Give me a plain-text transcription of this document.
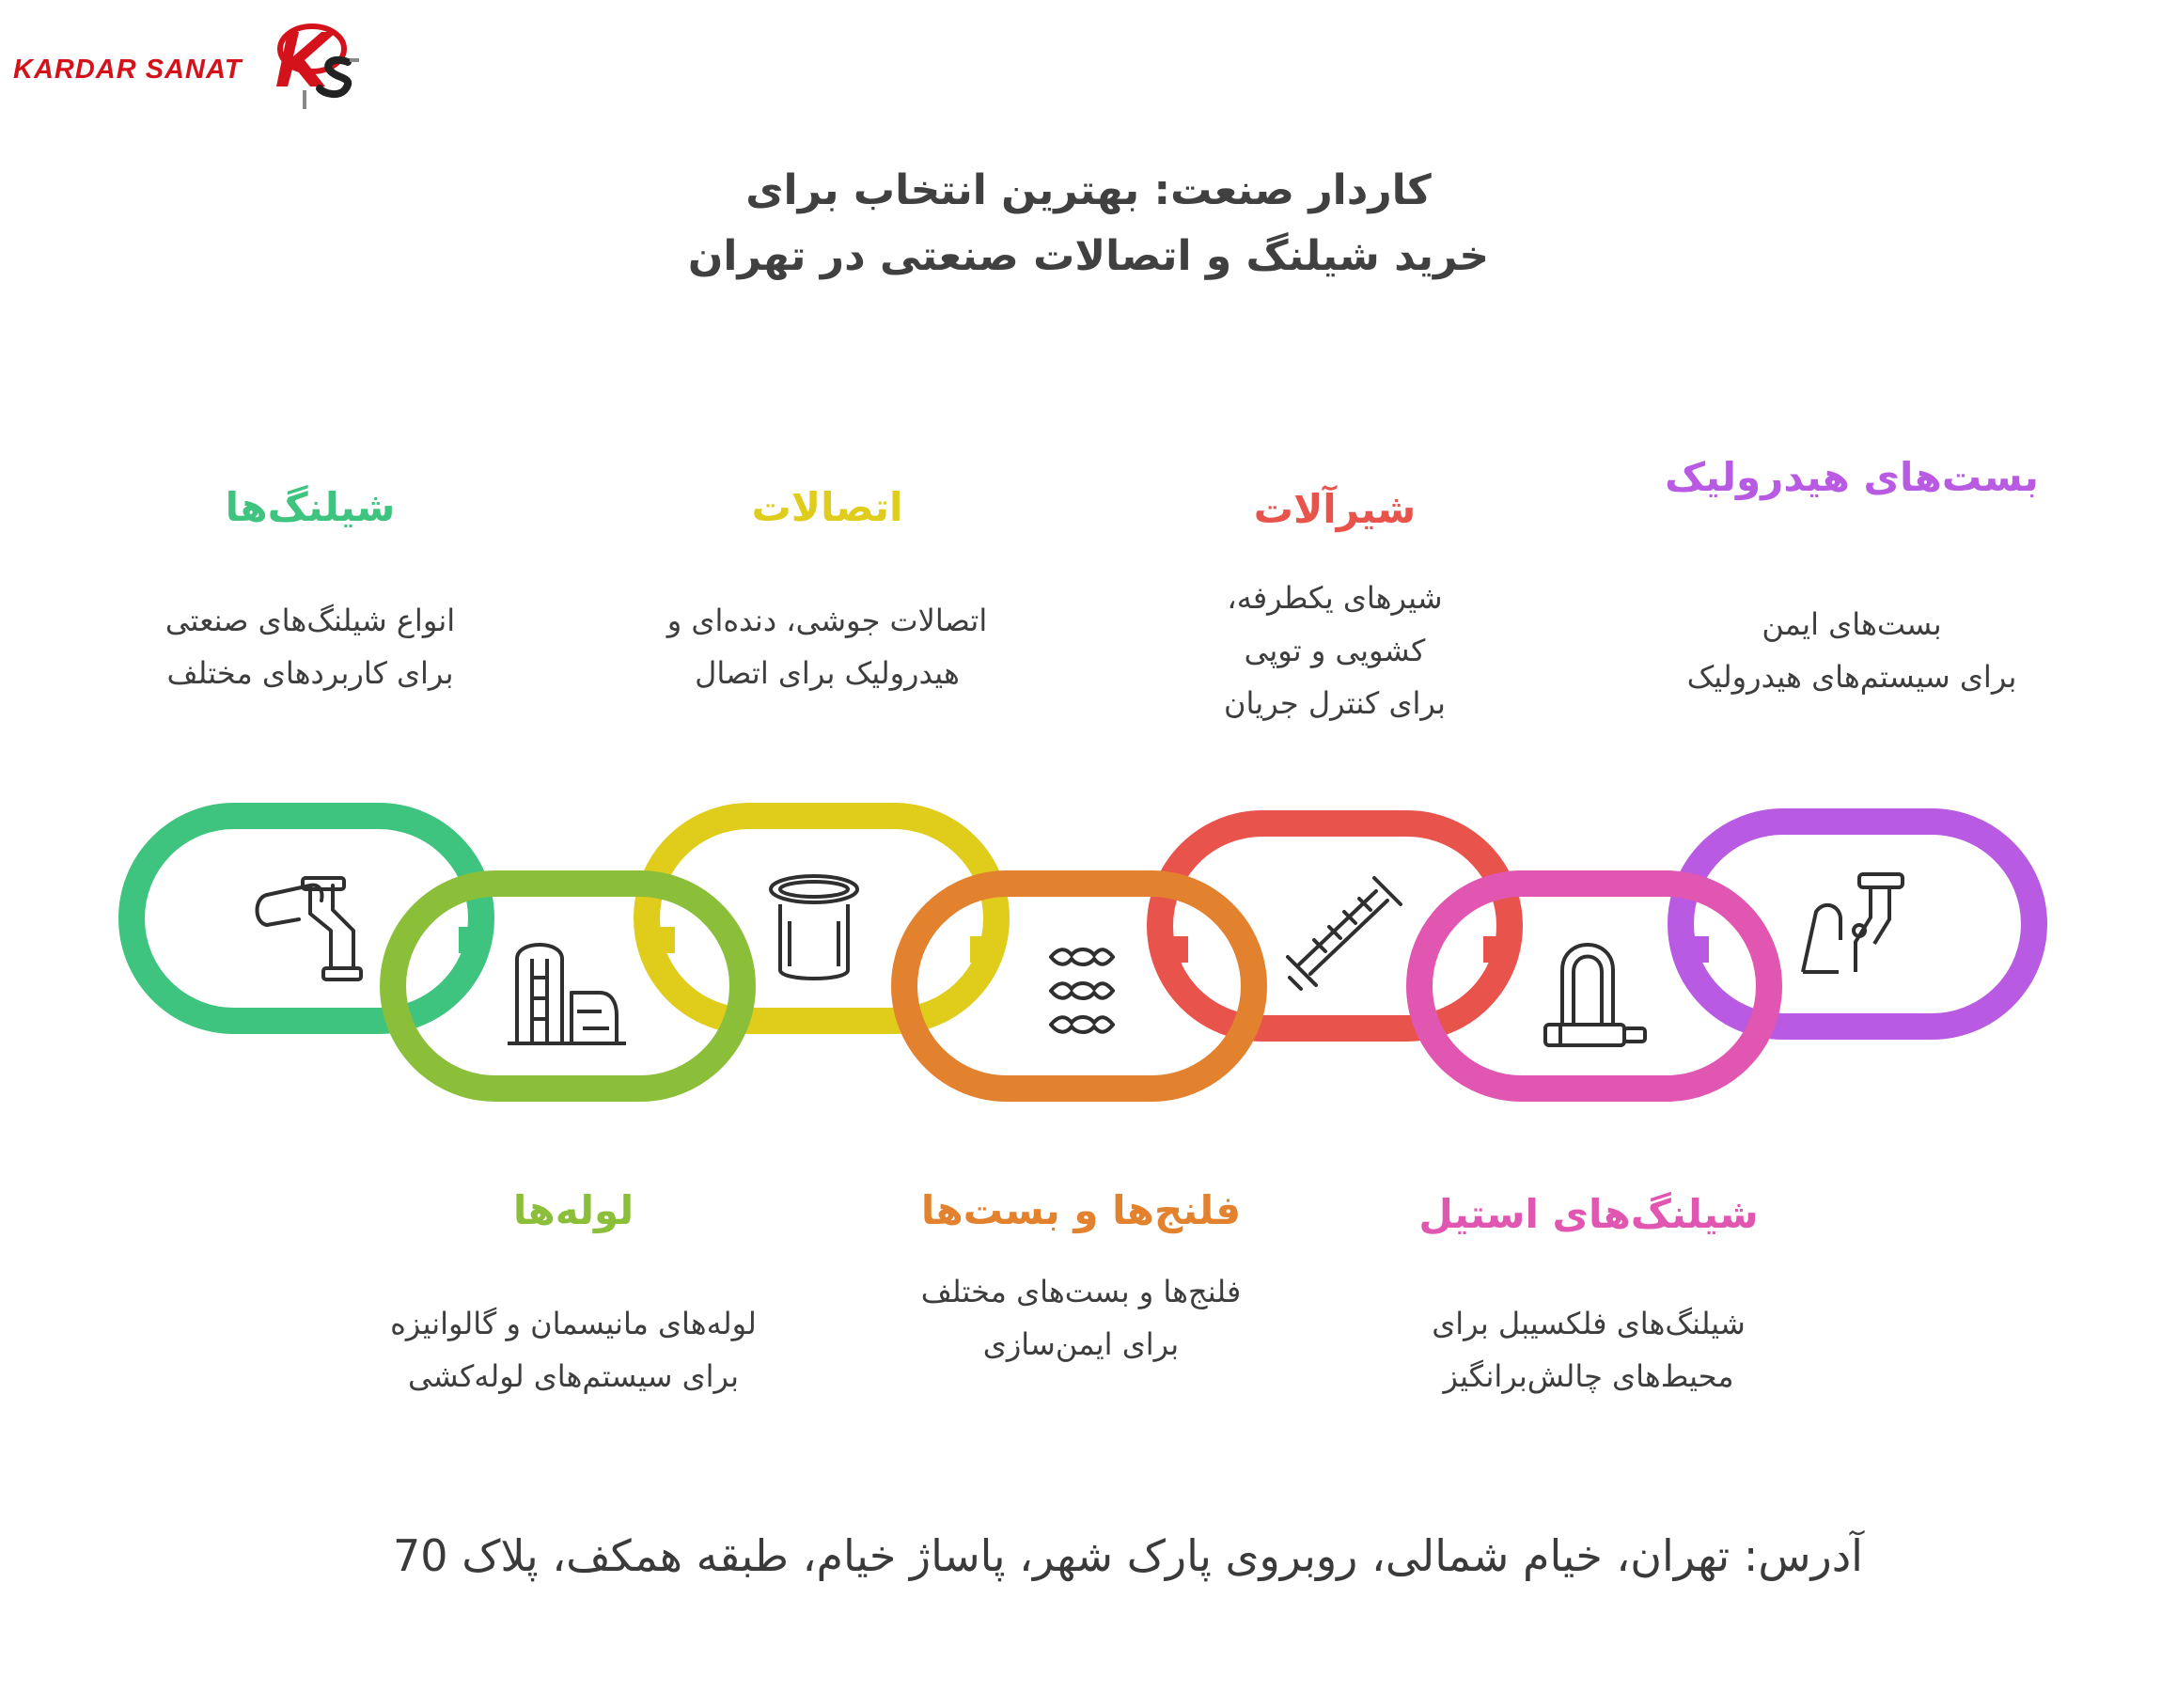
KARDAR SANAT
کاردار صنعت: بهترین انتخاب برای
خرید شیلنگ و اتصالات صنعتی در تهران
شیلنگ‌ها
انواع شیلنگ‌های صنعتی
برای کاربردهای مختلف
اتصالات
اتصالات جوشی، دنده‌ای و
هیدرولیک برای اتصال
شیرآلات
شیرهای یکطرفه،
کشویی و توپی
برای کنترل جریان
بست‌های هیدرولیک
بست‌های ایمن
برای سیستم‌های هیدرولیک
لوله‌ها
لوله‌های مانیسمان و گالوانیزه
برای سیستم‌های لوله‌کشی
فلنج‌ها و بست‌ها
فلنج‌ها و بست‌های مختلف
برای ایمن‌سازی
شیلنگ‌های استیل
شیلنگ‌های فلکسیبل برای
محیط‌های چالش‌برانگیز
آدرس: تهران، خیام شمالی، روبروی پارک شهر، پاساژ خیام، طبقه همکف، پلاک 70
